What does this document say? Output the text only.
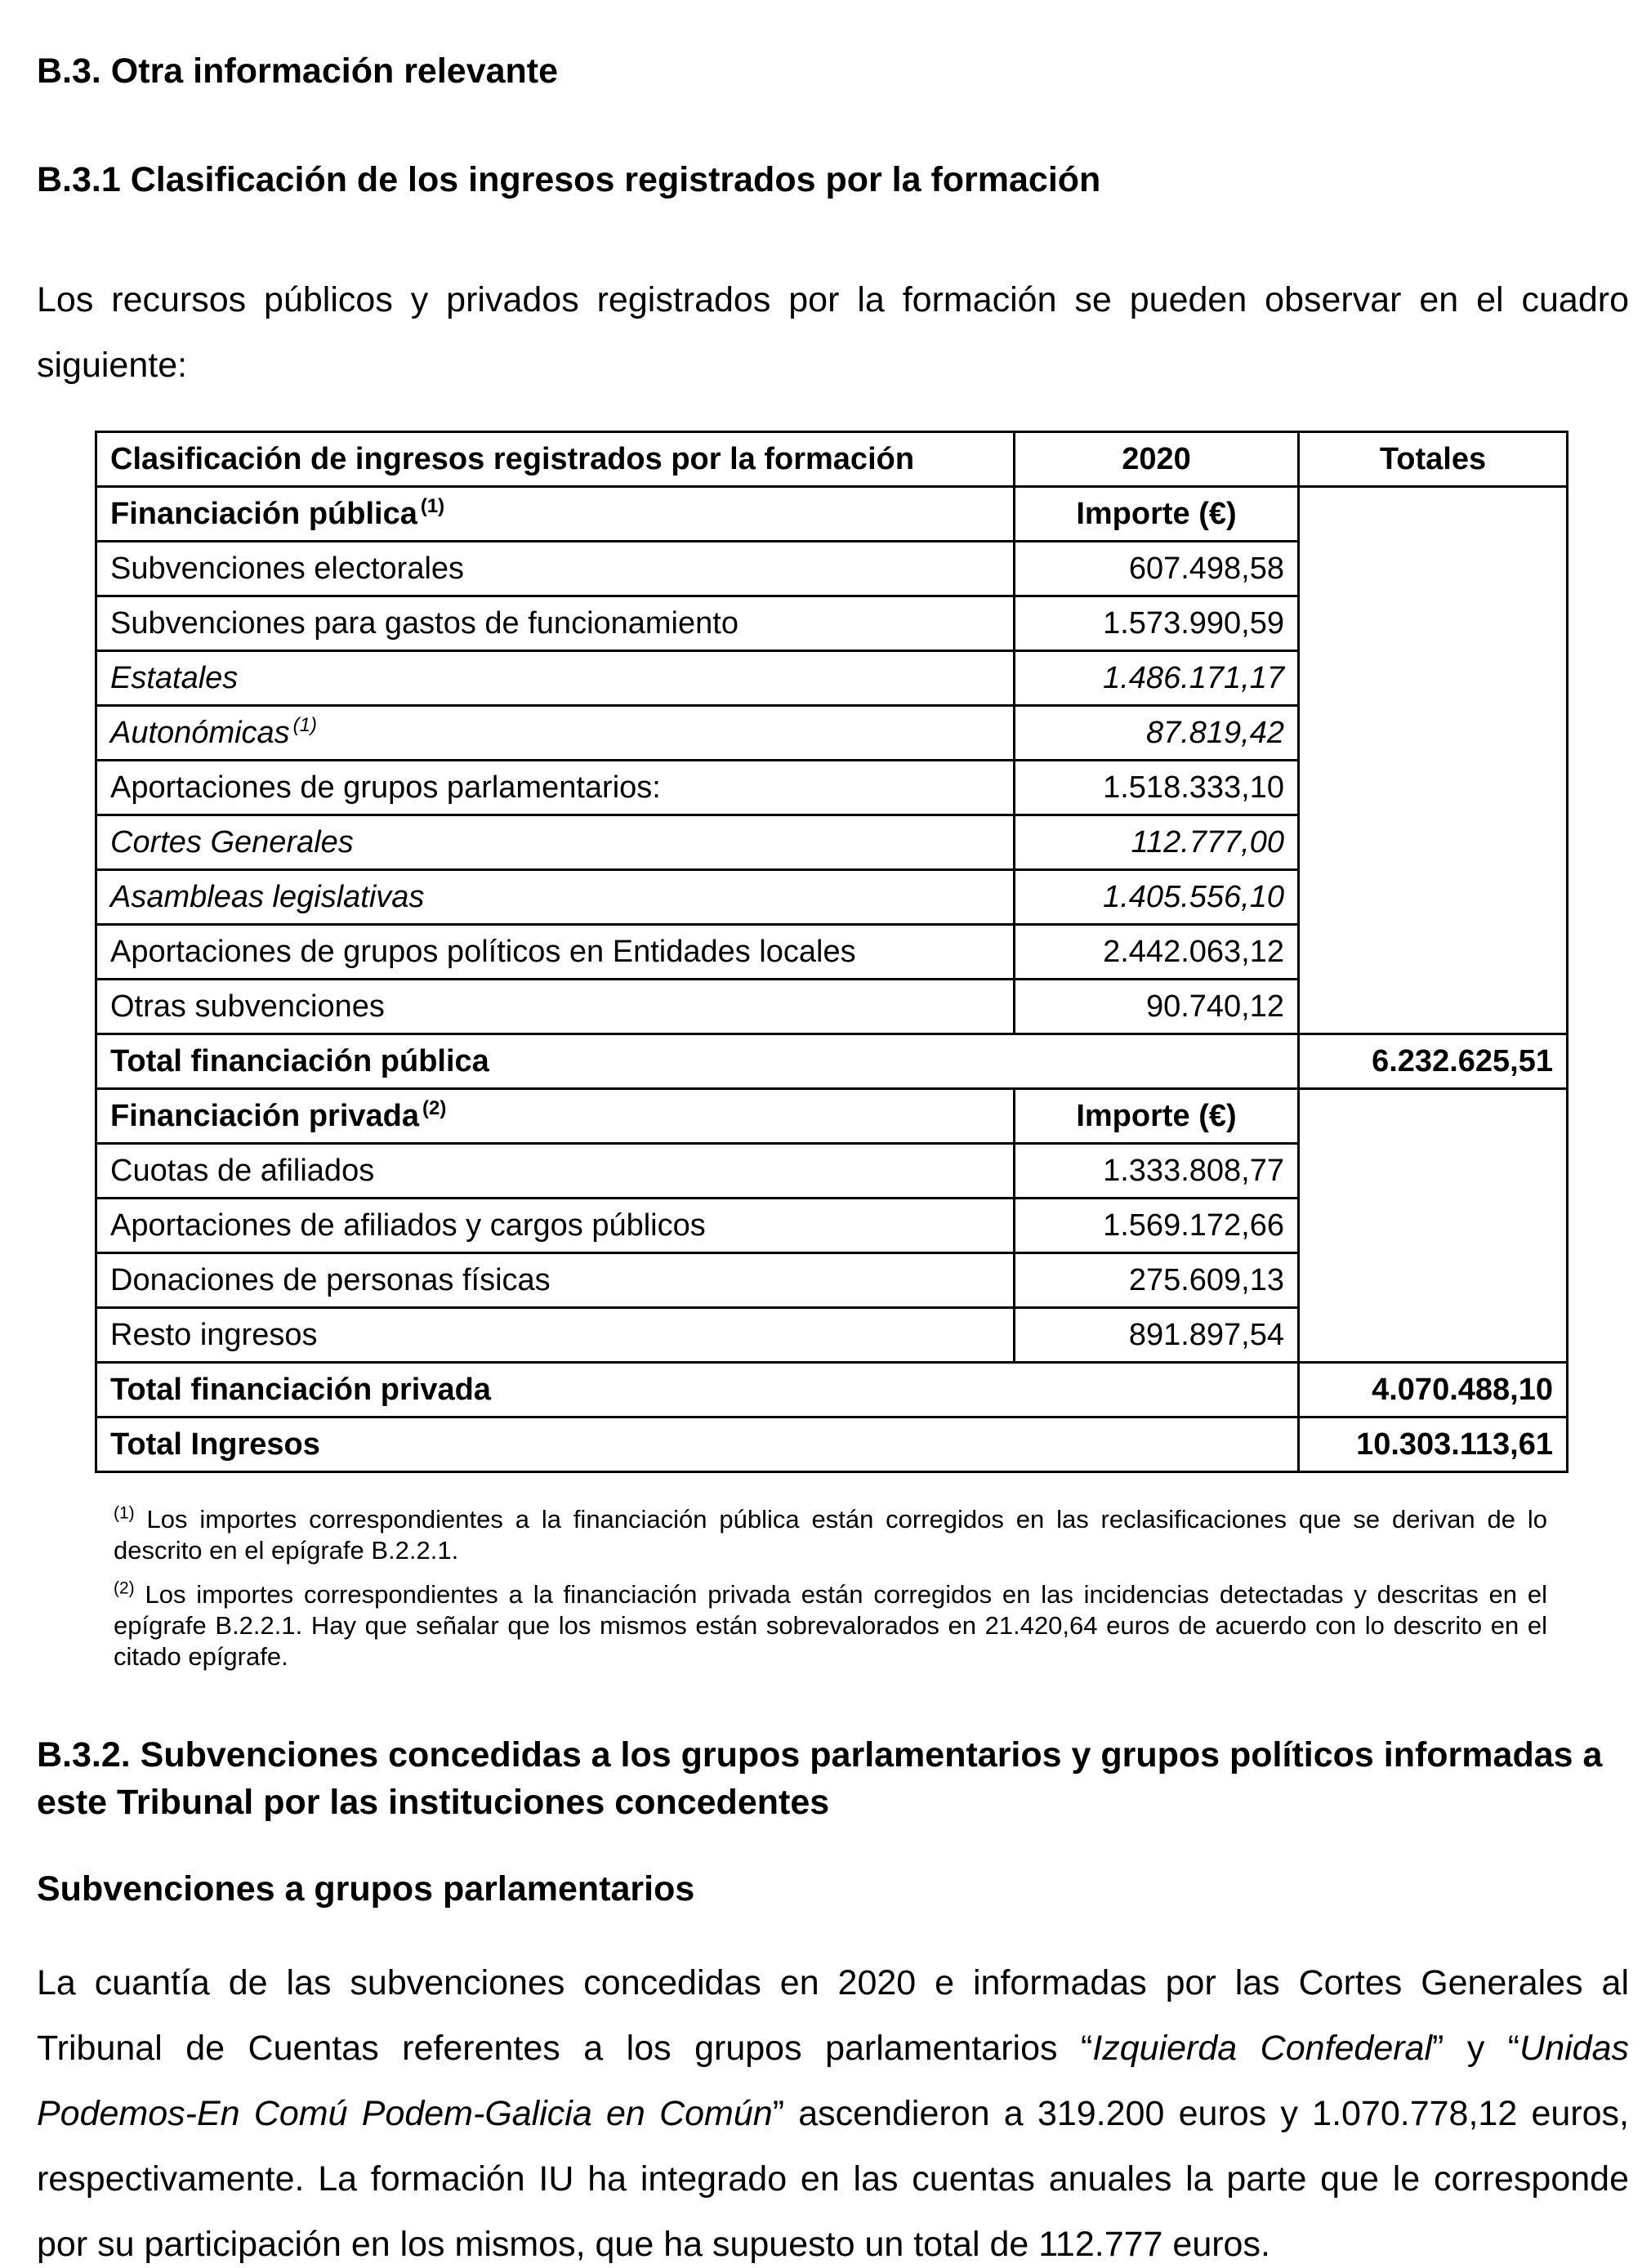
B.3. Otra información relevante
B.3.1 Clasificación de los ingresos registrados por la formación

Los recursos públicos y privados registrados por la formación se pueden observar en el cuadro siguiente:

Clasificación de ingresos registrados por la formación	2020	Totales
Financiación pública $^{(1)}$	Importe (€)	
Subvenciones electorales	607.498,58	
Subvenciones para gastos de funcionamiento	1.573.990,59	
Estatales	1.486.171,17	
Autonómicas $^{(1)}$	87.819,42	
Aportaciones de grupos parlamentarios:	1.518.333,10	
Cortes Generales	112.777,00	
Asambleas legislativas	1.405.556,10	
Aportaciones de grupos políticos en Entidades locales	2.442.063,12	
Otras subvenciones	90.740,12	
Total financiación pública		6.232.625,51
Financiación privada $^{(2)}$	Importe (€)	
Cuotas de afiliados	1.333.808,77	
Aportaciones de afiliados y cargos públicos	1.569.172,66	
Donaciones de personas físicas	275.609,13	
Resto ingresos	891.897,54	
Total financiación privada		4.070.488,10
Total Ingresos		10.303.113,61

$^{(1)}$ Los importes correspondientes a la financiación pública están corregidos en las reclasificaciones que se derivan de lo descrito en el epígrafe B.2.2.1.

$^{(2)}$ Los importes correspondientes a la financiación privada están corregidos en las incidencias detectadas y descritas en el epígrafe B.2.2.1. Hay que señalar que los mismos están sobrevalorados en 21.420,64 euros de acuerdo con lo descrito en el citado epígrafe.

B.3.2. Subvenciones concedidas a los grupos parlamentarios y grupos políticos informadas a este Tribunal por las instituciones concedentes
Subvenciones a grupos parlamentarios

La cuantía de las subvenciones concedidas en 2020 e informadas por las Cortes Generales al Tribunal de Cuentas referentes a los grupos parlamentarios “Izquierda Confederal” y “Unidas Podemos-En Comú Podem-Galicia en Común” ascendieron a 319.200 euros y 1.070.778,12 euros, respectivamente. La formación IU ha integrado en las cuentas anuales la parte que le corresponde por su participación en los mismos, que ha supuesto un total de 112.777 euros.
